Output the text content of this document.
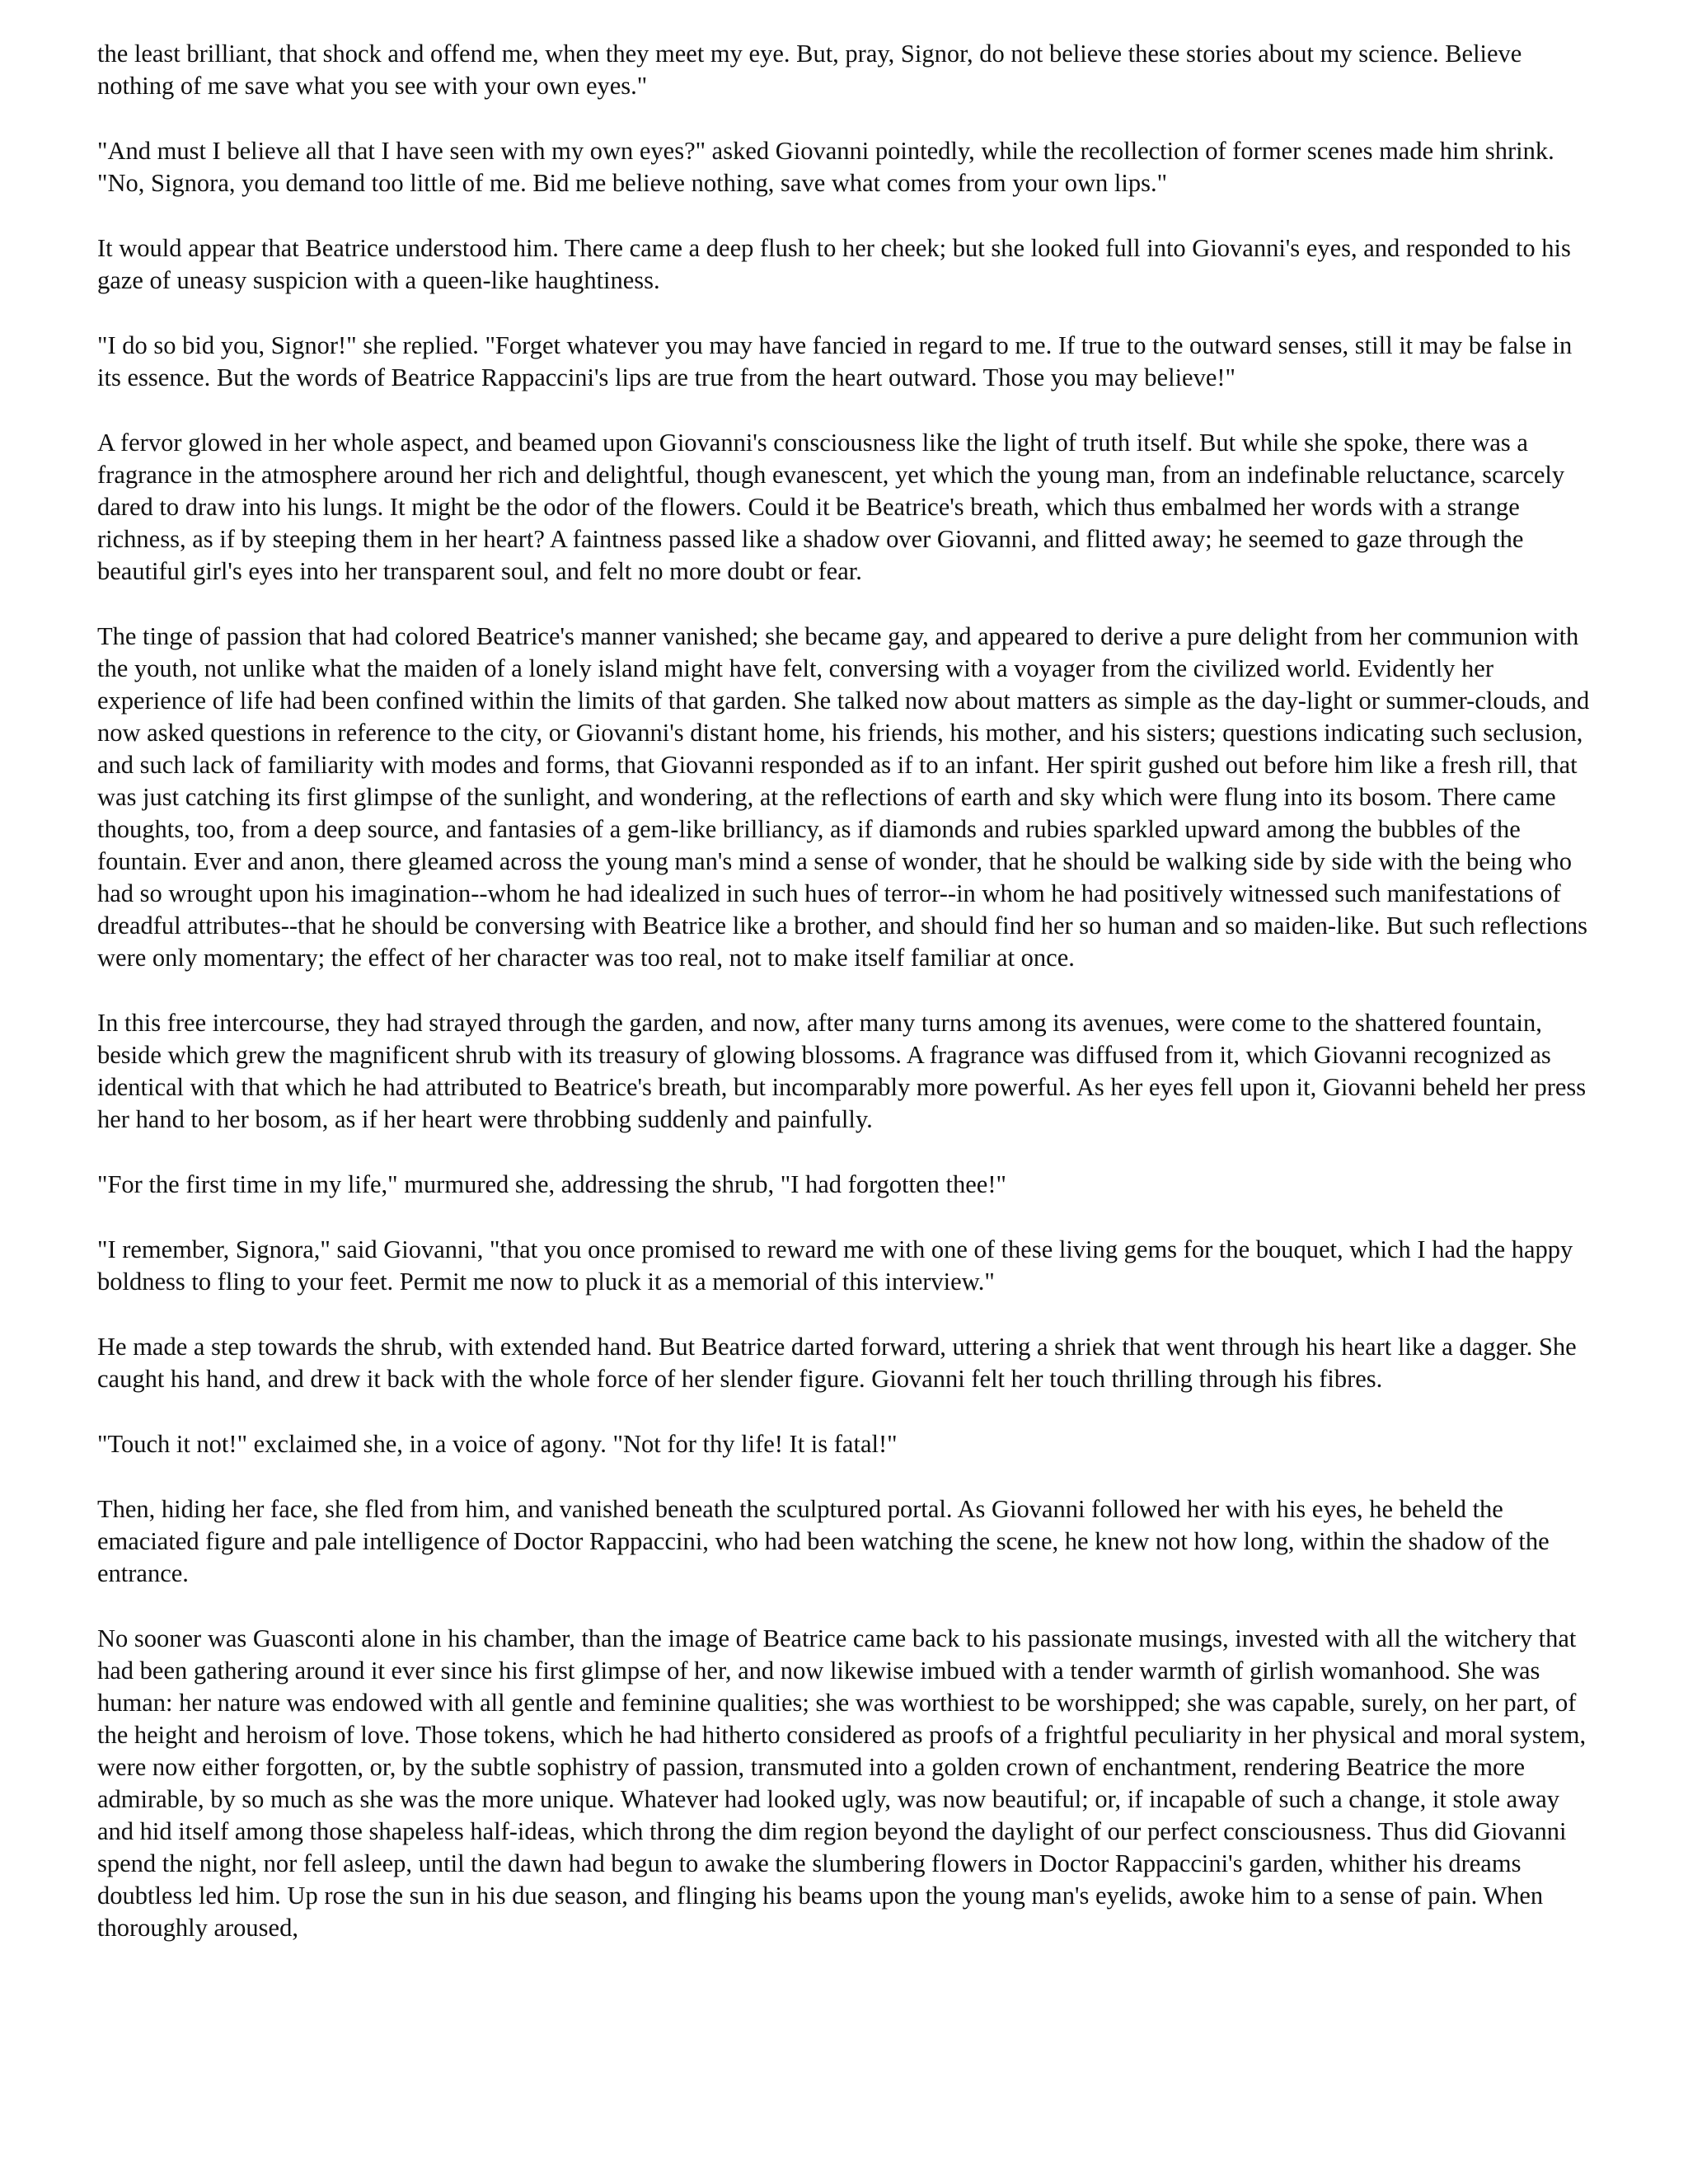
the least brilliant, that shock and offend me, when they meet my eye. But, pray, Signor, do not believe these stories about my science. Believe nothing of me save what you see with your own eyes."

"And must I believe all that I have seen with my own eyes?" asked Giovanni pointedly, while the recollection of former scenes made him shrink. "No, Signora, you demand too little of me. Bid me believe nothing, save what comes from your own lips."

It would appear that Beatrice understood him. There came a deep flush to her cheek; but she looked full into Giovanni's eyes, and responded to his gaze of uneasy suspicion with a queen-like haughtiness.

"I do so bid you, Signor!" she replied. "Forget whatever you may have fancied in regard to me. If true to the outward senses, still it may be false in its essence. But the words of Beatrice Rappaccini's lips are true from the heart outward. Those you may believe!"

A fervor glowed in her whole aspect, and beamed upon Giovanni's consciousness like the light of truth itself. But while she spoke, there was a fragrance in the atmosphere around her rich and delightful, though evanescent, yet which the young man, from an indefinable reluctance, scarcely dared to draw into his lungs. It might be the odor of the flowers. Could it be Beatrice's breath, which thus embalmed her words with a strange richness, as if by steeping them in her heart? A faintness passed like a shadow over Giovanni, and flitted away; he seemed to gaze through the beautiful girl's eyes into her transparent soul, and felt no more doubt or fear.

The tinge of passion that had colored Beatrice's manner vanished; she became gay, and appeared to derive a pure delight from her communion with the youth, not unlike what the maiden of a lonely island might have felt, conversing with a voyager from the civilized world. Evidently her experience of life had been confined within the limits of that garden. She talked now about matters as simple as the day-light or summer-clouds, and now asked questions in reference to the city, or Giovanni's distant home, his friends, his mother, and his sisters; questions indicating such seclusion, and such lack of familiarity with modes and forms, that Giovanni responded as if to an infant. Her spirit gushed out before him like a fresh rill, that was just catching its first glimpse of the sunlight, and wondering, at the reflections of earth and sky which were flung into its bosom. There came thoughts, too, from a deep source, and fantasies of a gem-like brilliancy, as if diamonds and rubies sparkled upward among the bubbles of the fountain. Ever and anon, there gleamed across the young man's mind a sense of wonder, that he should be walking side by side with the being who had so wrought upon his imagination--whom he had idealized in such hues of terror--in whom he had positively witnessed such manifestations of dreadful attributes--that he should be conversing with Beatrice like a brother, and should find her so human and so maiden-like. But such reflections were only momentary; the effect of her character was too real, not to make itself familiar at once.

In this free intercourse, they had strayed through the garden, and now, after many turns among its avenues, were come to the shattered fountain, beside which grew the magnificent shrub with its treasury of glowing blossoms. A fragrance was diffused from it, which Giovanni recognized as identical with that which he had attributed to Beatrice's breath, but incomparably more powerful. As her eyes fell upon it, Giovanni beheld her press her hand to her bosom, as if her heart were throbbing suddenly and painfully.

"For the first time in my life," murmured she, addressing the shrub, "I had forgotten thee!"

"I remember, Signora," said Giovanni, "that you once promised to reward me with one of these living gems for the bouquet, which I had the happy boldness to fling to your feet. Permit me now to pluck it as a memorial of this interview."

He made a step towards the shrub, with extended hand. But Beatrice darted forward, uttering a shriek that went through his heart like a dagger. She caught his hand, and drew it back with the whole force of her slender figure. Giovanni felt her touch thrilling through his fibres.

"Touch it not!" exclaimed she, in a voice of agony. "Not for thy life! It is fatal!"

Then, hiding her face, she fled from him, and vanished beneath the sculptured portal. As Giovanni followed her with his eyes, he beheld the emaciated figure and pale intelligence of Doctor Rappaccini, who had been watching the scene, he knew not how long, within the shadow of the entrance.

No sooner was Guasconti alone in his chamber, than the image of Beatrice came back to his passionate musings, invested with all the witchery that had been gathering around it ever since his first glimpse of her, and now likewise imbued with a tender warmth of girlish womanhood. She was human: her nature was endowed with all gentle and feminine qualities; she was worthiest to be worshipped; she was capable, surely, on her part, of the height and heroism of love. Those tokens, which he had hitherto considered as proofs of a frightful peculiarity in her physical and moral system, were now either forgotten, or, by the subtle sophistry of passion, transmuted into a golden crown of enchantment, rendering Beatrice the more admirable, by so much as she was the more unique. Whatever had looked ugly, was now beautiful; or, if incapable of such a change, it stole away and hid itself among those shapeless half-ideas, which throng the dim region beyond the daylight of our perfect consciousness. Thus did Giovanni spend the night, nor fell asleep, until the dawn had begun to awake the slumbering flowers in Doctor Rappaccini's garden, whither his dreams doubtless led him. Up rose the sun in his due season, and flinging his beams upon the young man's eyelids, awoke him to a sense of pain. When thoroughly aroused,
